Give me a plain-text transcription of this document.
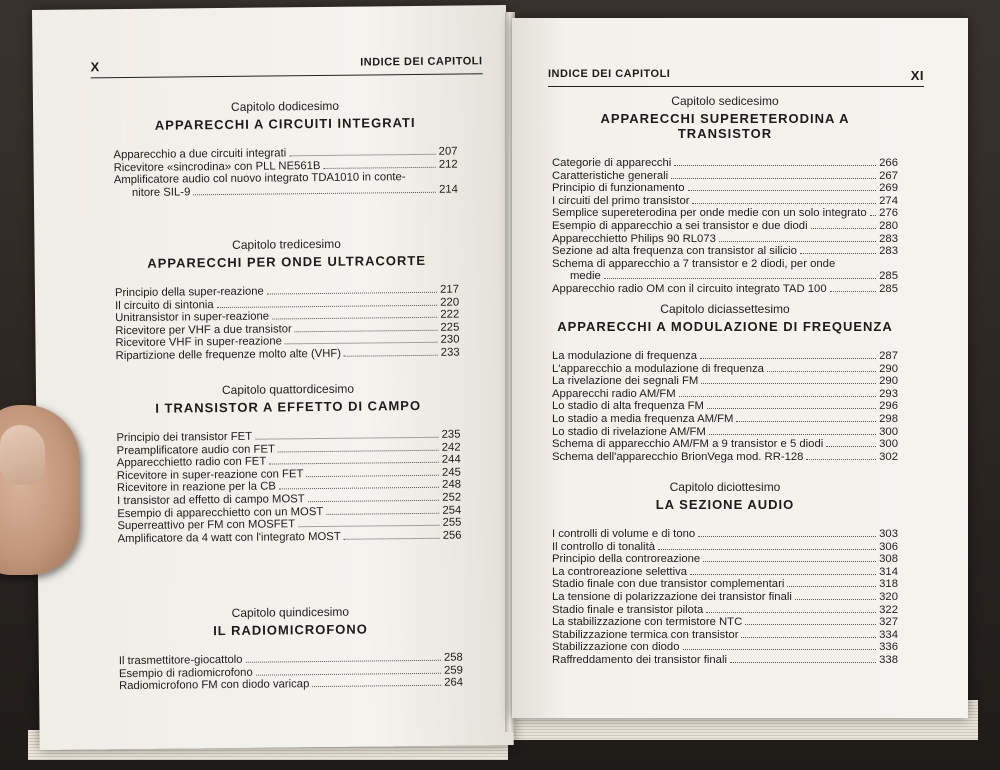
X	INDICE DEI CAPITOLI
Capitolo dodicesimo
APPARECCHI A CIRCUITI INTEGRATI
Apparecchio a due circuiti integrati	207
Ricevitore «sincrodina» con PLL NE561B	212
Amplificatore audio col nuovo integrato TDA1010 in conte-
nitore SIL-9	214
Capitolo tredicesimo
APPARECCHI PER ONDE ULTRACORTE
Principio della super-reazione	217
Il circuito di sintonia	220
Unitransistor in super-reazione	222
Ricevitore per VHF a due transistor	225
Ricevitore VHF in super-reazione	230
Ripartizione delle frequenze molto alte (VHF)	233
Capitolo quattordicesimo
I TRANSISTOR A EFFETTO DI CAMPO
Principio dei transistor FET	235
Preamplificatore audio con FET	242
Apparecchietto radio con FET	244
Ricevitore in super-reazione con FET	245
Ricevitore in reazione per la CB	248
I transistor ad effetto di campo MOST	252
Esempio di apparecchietto con un MOST	254
Superreattivo per FM con MOSFET	255
Amplificatore da 4 watt con l'integrato MOST	256
Capitolo quindicesimo
IL RADIOMICROFONO
Il trasmettitore-giocattolo	258
Esempio di radiomicrofono	259
Radiomicrofono FM con diodo varicap	264
INDICE DEI CAPITOLI	XI
Capitolo sedicesimo
APPARECCHI SUPERETERODINA A TRANSISTOR
Categorie di apparecchi	266
Caratteristiche generali	267
Principio di funzionamento	269
I circuiti del primo transistor	274
Semplice supereterodina per onde medie con un solo integrato 276
Esempio di apparecchio a sei transistor e due diodi	280
Apparecchietto Philips 90 RL073	283
Sezione ad alta frequenza con transistor al silicio	283
Schema di apparecchio a 7 transistor e 2 diodi, per onde
medie	285
Apparecchio radio OM con il circuito integrato TAD 100	285
Capitolo diciassettesimo
APPARECCHI A MODULAZIONE DI FREQUENZA
La modulazione di frequenza	287
L'apparecchio a modulazione di frequenza	290
La rivelazione dei segnali FM	290
Apparecchi radio AM/FM	293
Lo stadio di alta frequenza FM	296
Lo stadio a media frequenza AM/FM	298
Lo stadio di rivelazione AM/FM	300
Schema di apparecchio AM/FM a 9 transistor e 5 diodi	300
Schema dell'apparecchio BrionVega mod. RR-128	302
Capitolo diciottesimo
LA SEZIONE AUDIO
I controlli di volume e di tono	303
Il controllo di tonalità	306
Principio della controreazione	308
La controreazione selettiva	314
Stadio finale con due transistor complementari	318
La tensione di polarizzazione dei transistor finali	320
Stadio finale e transistor pilota	322
La stabilizzazione con termistore NTC	327
Stabilizzazione termica con transistor	334
Stabilizzazione con diodo	336
Raffreddamento dei transistor finali	338
